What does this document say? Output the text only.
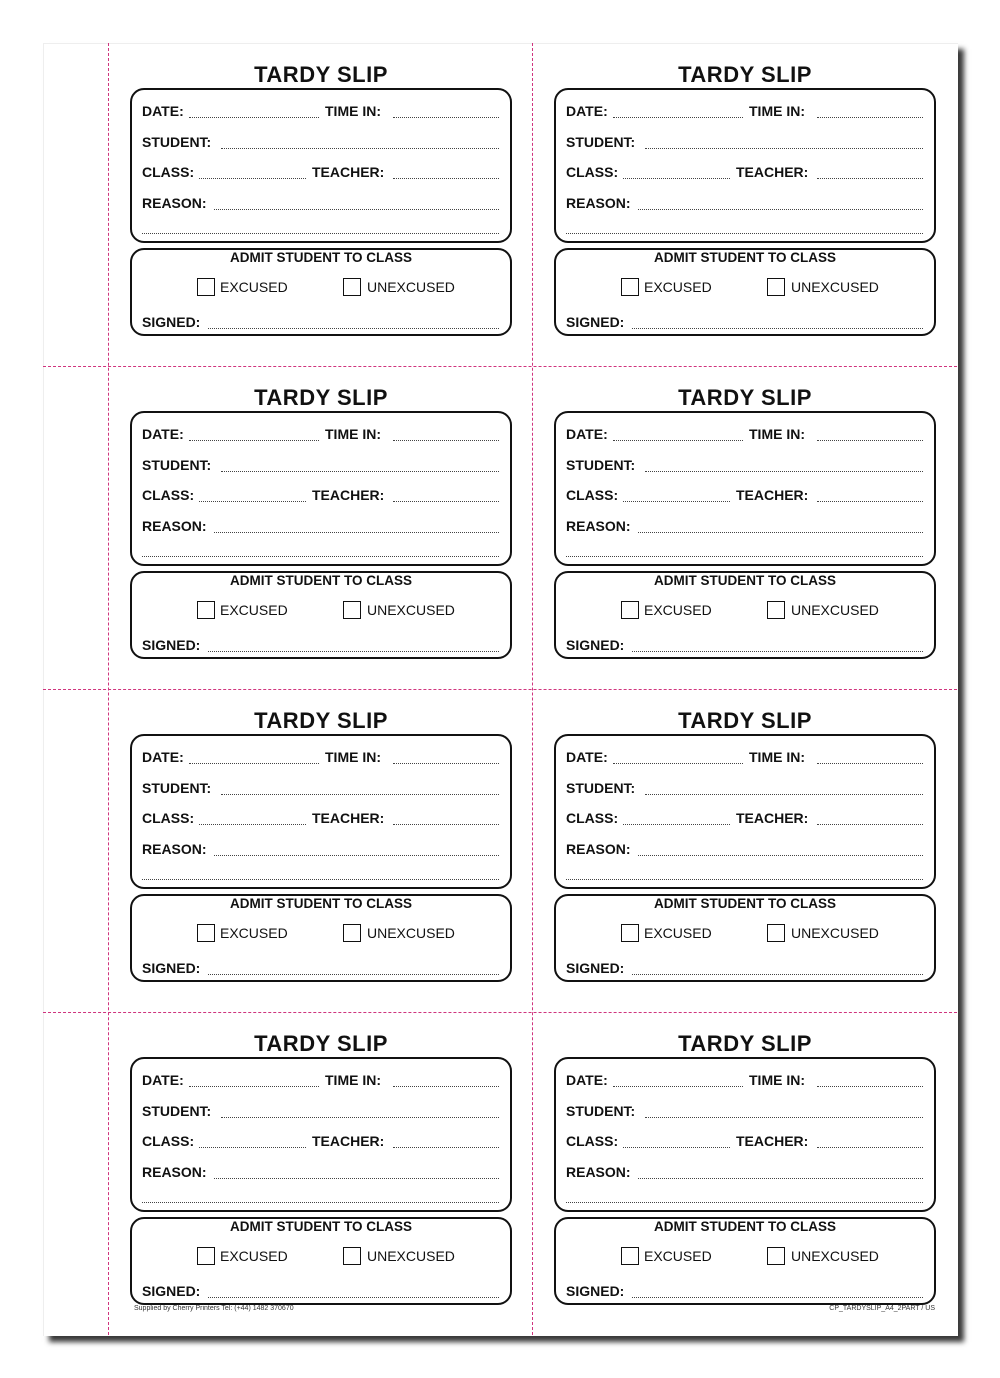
TARDY SLIP
DATE:	TIME IN:
STUDENT:
CLASS:	TEACHER:
REASON:
ADMIT STUDENT TO CLASS
EXCUSED	UNEXCUSED
SIGNED:
TARDY SLIP
DATE:	TIME IN:
STUDENT:
CLASS:	TEACHER:
REASON:
ADMIT STUDENT TO CLASS
EXCUSED	UNEXCUSED
SIGNED:
TARDY SLIP
DATE:	TIME IN:
STUDENT:
CLASS:	TEACHER:
REASON:
ADMIT STUDENT TO CLASS
EXCUSED	UNEXCUSED
SIGNED:
TARDY SLIP
DATE:	TIME IN:
STUDENT:
CLASS:	TEACHER:
REASON:
ADMIT STUDENT TO CLASS
EXCUSED	UNEXCUSED
SIGNED:
TARDY SLIP
DATE:	TIME IN:
STUDENT:
CLASS:	TEACHER:
REASON:
ADMIT STUDENT TO CLASS
EXCUSED	UNEXCUSED
SIGNED:
TARDY SLIP
DATE:	TIME IN:
STUDENT:
CLASS:	TEACHER:
REASON:
ADMIT STUDENT TO CLASS
EXCUSED	UNEXCUSED
SIGNED:
TARDY SLIP
DATE:	TIME IN:
STUDENT:
CLASS:	TEACHER:
REASON:
ADMIT STUDENT TO CLASS
EXCUSED	UNEXCUSED
SIGNED:
TARDY SLIP
DATE:	TIME IN:
STUDENT:
CLASS:	TEACHER:
REASON:
ADMIT STUDENT TO CLASS
EXCUSED	UNEXCUSED
SIGNED:
Supplied by Cherry Printers Tel: (+44) 1482 370670	CP_TARDYSLIP_A4_2PART / US
